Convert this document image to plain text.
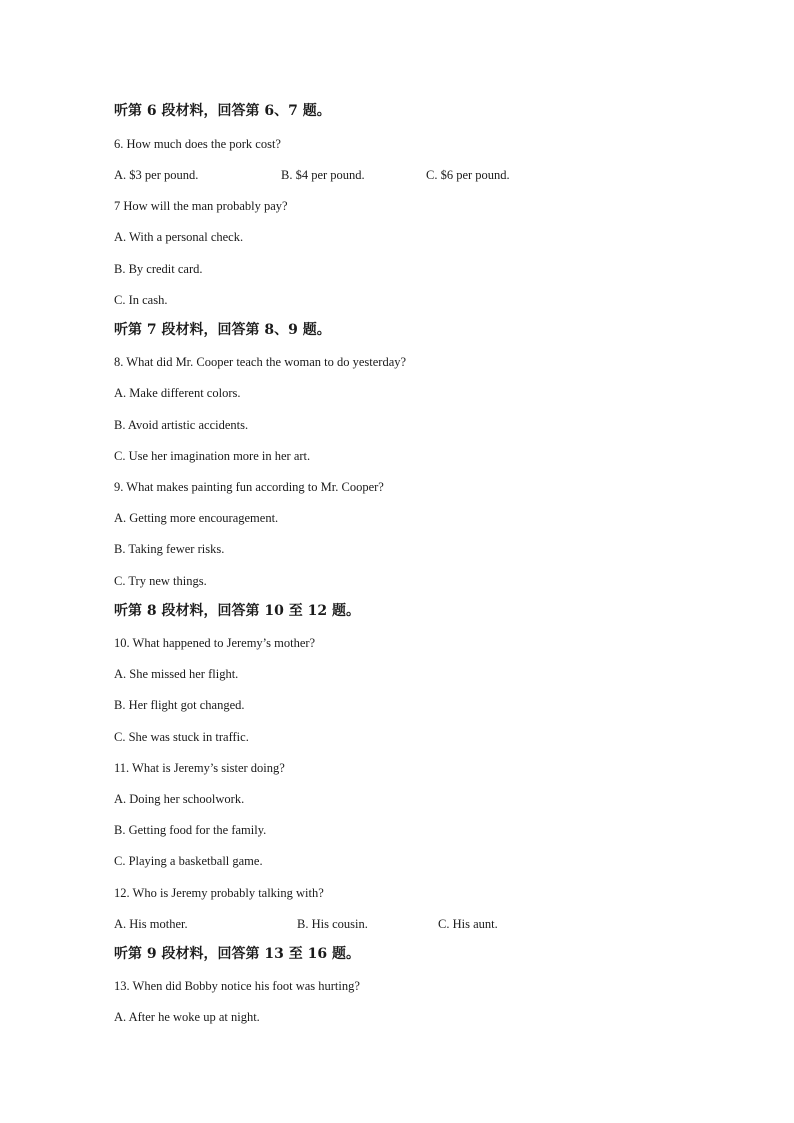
听第 6 段材料，回答第 6、7 题。
6. How much does the pork cost?
A. $3 per pound.	B. $4 per pound.	C. $6 per pound.
7 How will the man probably pay?
A. With a personal check.
B. By credit card.
C. In cash.
听第 7 段材料，回答第 8、9 题。
8. What did Mr. Cooper teach the woman to do yesterday?
A. Make different colors.
B. Avoid artistic accidents.
C. Use her imagination more in her art.
9. What makes painting fun according to Mr. Cooper?
A. Getting more encouragement.
B. Taking fewer risks.
C. Try new things.
听第 8 段材料，回答第 10 至 12 题。
10. What happened to Jeremy’s mother?
A. She missed her flight.
B. Her flight got changed.
C. She was stuck in traffic.
11. What is Jeremy’s sister doing?
A. Doing her schoolwork.
B. Getting food for the family.
C. Playing a basketball game.
12. Who is Jeremy probably talking with?
A. His mother.	B. His cousin.	C. His aunt.
听第 9 段材料，回答第 13 至 16 题。
13. When did Bobby notice his foot was hurting?
A. After he woke up at night.
